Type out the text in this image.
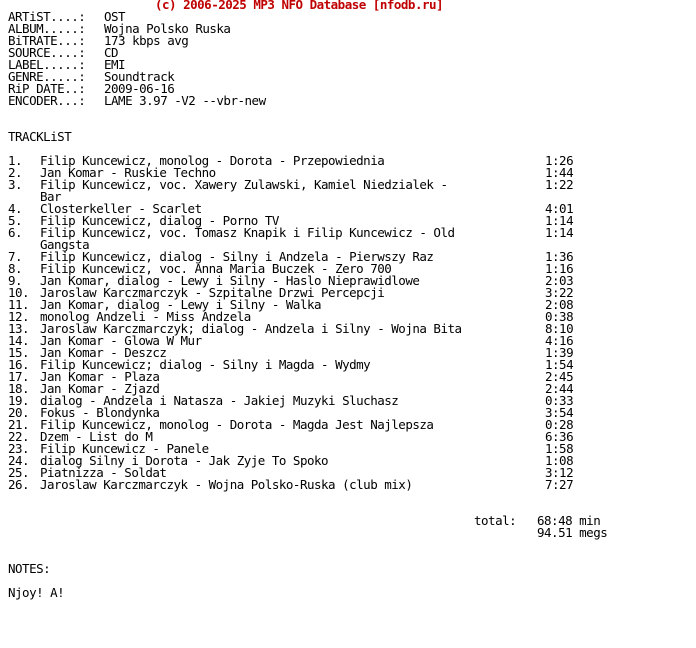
(c) 2006-2025 MP3 NFO Database [nfodb.ru]
ARTiST....: OST
ALBUM.....: Wojna Polsko Ruska
BiTRATE...: 173 kbps avg
SOURCE....: CD
LABEL.....: EMI
GENRE.....: Soundtrack
RiP DATE..: 2009-06-16
ENCODER...: LAME 3.97 -V2 --vbr-new
TRACKLiST
1. Filip Kuncewicz, monolog - Dorota - Przepowiednia	1:26
2. Jan Komar - Ruskie Techno	1:44
3. Filip Kuncewicz, voc. Xawery Zulawski, Kamiel Niedzialek -	1:22
Bar
4. Closterkeller - Scarlet	4:01
5. Filip Kuncewicz, dialog - Porno TV	1:14
6. Filip Kuncewicz, voc. Tomasz Knapik i Filip Kuncewicz - Old	1:14
Gangsta
7. Filip Kuncewicz, dialog - Silny i Andzela - Pierwszy Raz	1:36
8. Filip Kuncewicz, voc. Anna Maria Buczek - Zero 700	1:16
9. Jan Komar, dialog - Lewy i Silny - Haslo Nieprawidlowe	2:03
10. Jaroslaw Karczmarczyk - Szpitalne Drzwi Percepcji	3:22
11. Jan Komar, dialog - Lewy i Silny - Walka	2:08
12. monolog Andzeli - Miss Andzela	0:38
13. Jaroslaw Karczmarczyk; dialog - Andzela i Silny - Wojna Bita	8:10
14. Jan Komar - Glowa W Mur	4:16
15. Jan Komar - Deszcz	1:39
16. Filip Kuncewicz; dialog - Silny i Magda - Wydmy	1:54
17. Jan Komar - Plaza	2:45
18. Jan Komar - Zjazd	2:44
19. dialog - Andzela i Natasza - Jakiej Muzyki Sluchasz	0:33
20. Fokus - Blondynka	3:54
21. Filip Kuncewicz, monolog - Dorota - Magda Jest Najlepsza	0:28
22. Dzem - List do M	6:36
23. Filip Kuncewicz - Panele	1:58
24. dialog Silny i Dorota - Jak Zyje To Spoko	1:08
25. Piatnizza - Soldat	3:12
26. Jaroslaw Karczmarczyk - Wojna Polsko-Ruska (club mix)	7:27
total: 68:48 min
94.51 megs
NOTES:
Njoy! A!
